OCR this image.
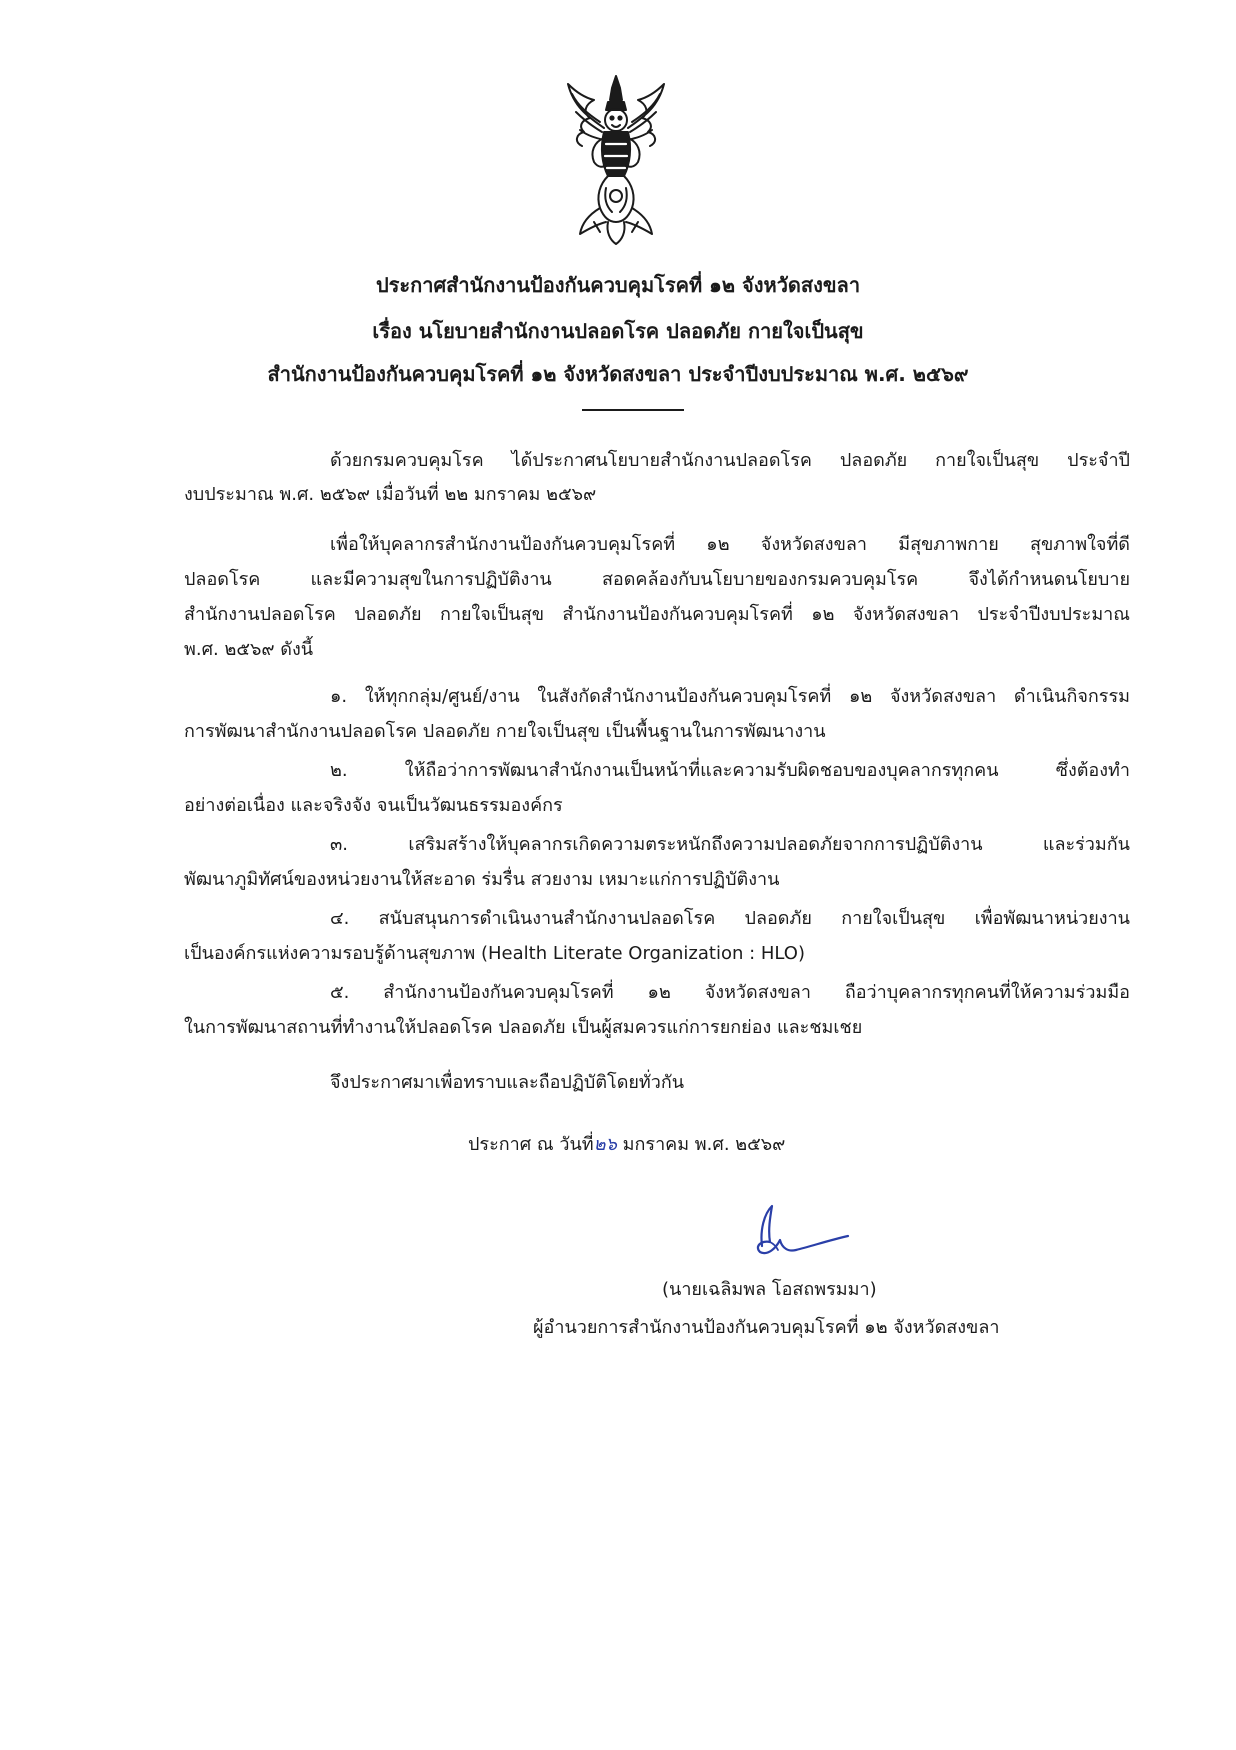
ประกาศสำนักงานป้องกันควบคุมโรคที่ ๑๒ จังหวัดสงขลา
เรื่อง นโยบายสำนักงานปลอดโรค ปลอดภัย กายใจเป็นสุข
สำนักงานป้องกันควบคุมโรคที่ ๑๒ จังหวัดสงขลา ประจำปีงบประมาณ พ.ศ. ๒๕๖๙
ด้วยกรมควบคุมโรค ได้ประกาศนโยบายสำนักงานปลอดโรค ปลอดภัย กายใจเป็นสุข ประจำปี
งบประมาณ พ.ศ. ๒๕๖๙ เมื่อวันที่ ๒๒ มกราคม ๒๕๖๙
เพื่อให้บุคลากรสำนักงานป้องกันควบคุมโรคที่ ๑๒ จังหวัดสงขลา มีสุขภาพกาย สุขภาพใจที่ดี
ปลอดโรค และมีความสุขในการปฏิบัติงาน สอดคล้องกับนโยบายของกรมควบคุมโรค จึงได้กำหนดนโยบาย
สำนักงานปลอดโรค ปลอดภัย กายใจเป็นสุข สำนักงานป้องกันควบคุมโรคที่ ๑๒ จังหวัดสงขลา ประจำปีงบประมาณ
พ.ศ. ๒๕๖๙ ดังนี้
๑. ให้ทุกกลุ่ม/ศูนย์/งาน ในสังกัดสำนักงานป้องกันควบคุมโรคที่ ๑๒ จังหวัดสงขลา ดำเนินกิจกรรม
การพัฒนาสำนักงานปลอดโรค ปลอดภัย กายใจเป็นสุข เป็นพื้นฐานในการพัฒนางาน
๒. ให้ถือว่าการพัฒนาสำนักงานเป็นหน้าที่และความรับผิดชอบของบุคลากรทุกคน ซึ่งต้องทำ
อย่างต่อเนื่อง และจริงจัง จนเป็นวัฒนธรรมองค์กร
๓. เสริมสร้างให้บุคลากรเกิดความตระหนักถึงความปลอดภัยจากการปฏิบัติงาน และร่วมกัน
พัฒนาภูมิทัศน์ของหน่วยงานให้สะอาด ร่มรื่น สวยงาม เหมาะแก่การปฏิบัติงาน
๔. สนับสนุนการดำเนินงานสำนักงานปลอดโรค ปลอดภัย กายใจเป็นสุข เพื่อพัฒนาหน่วยงาน
เป็นองค์กรแห่งความรอบรู้ด้านสุขภาพ (Health Literate Organization : HLO)
๕. สำนักงานป้องกันควบคุมโรคที่ ๑๒ จังหวัดสงขลา ถือว่าบุคลากรทุกคนที่ให้ความร่วมมือ
ในการพัฒนาสถานที่ทำงานให้ปลอดโรค ปลอดภัย เป็นผู้สมควรแก่การยกย่อง และชมเชย
จึงประกาศมาเพื่อทราบและถือปฏิบัติโดยทั่วกัน
ประกาศ ณ วันที่๒๖ มกราคม พ.ศ. ๒๕๖๙
(นายเฉลิมพล โอสถพรมมา)
ผู้อำนวยการสำนักงานป้องกันควบคุมโรคที่ ๑๒ จังหวัดสงขลา
